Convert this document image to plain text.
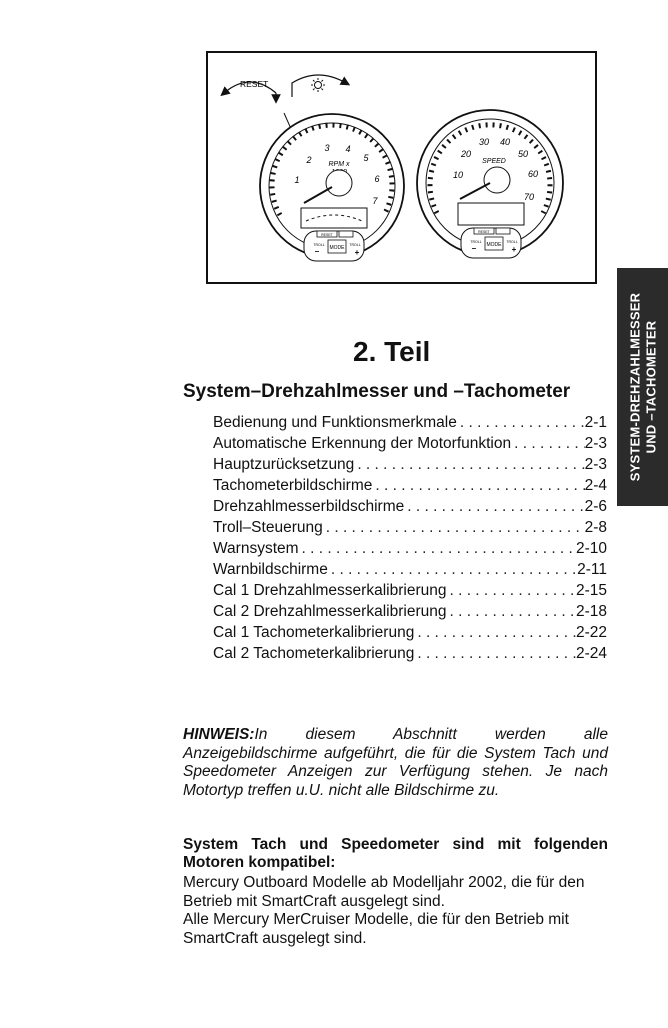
RESET
1
2
3 4
5
6
7
RPM x
RESET
MODE
TROLL	TROLL
–	+
10
20
30 40
50
60
70
SPEED
RESET
MODE
TROLL	TROLL
–	+
SYSTEM-DREHZAHLMESSER UND –TACHOMETER
2. Teil
System–Drehzahlmesser und –Tachometer
Bedienung und Funktionsmerkmale . . .	2-1
Automatische Erkennung der Motorfunktion . . .	2-3
Hauptzurücksetzung . . .	2-3
Tachometerbildschirme . . .	2-4
Drehzahlmesserbildschirme . . .	2-6
Troll–Steuerung . . .	2-8
Warnsystem . . .	2-10
Warnbildschirme . . .	2-11
Cal 1 Drehzahlmesserkalibrierung . . .	2-15
Cal 2 Drehzahlmesserkalibrierung . . .	2-18
Cal 1 Tachometerkalibrierung . . .	2-22
Cal 2 Tachometerkalibrierung . . .	2-24

HINWEIS:In diesem Abschnitt werden alle Anzeigebildschirme aufgeführt, die für die System Tach und Speedometer Anzeigen zur Verfügung stehen. Je nach Motortyp treffen u.U. nicht alle Bildschirme zu.

System Tach und Speedometer sind mit folgenden Motoren kompatibel:

Mercury Outboard Modelle ab Modelljahr 2002, die für den Betrieb mit SmartCraft ausgelegt sind.

Alle Mercury MerCruiser Modelle, die für den Betrieb mit SmartCraft ausgelegt sind.
